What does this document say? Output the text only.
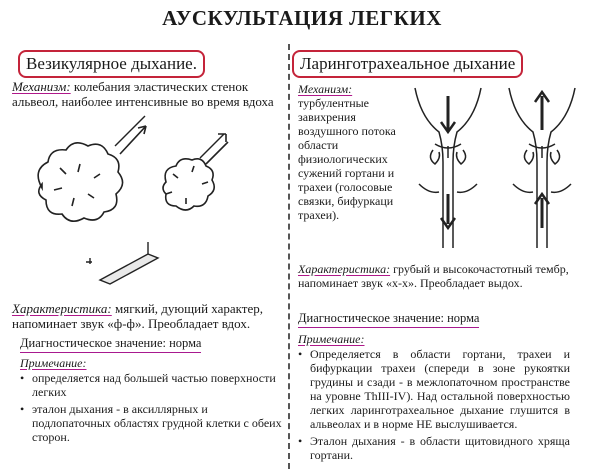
АУСКУЛЬТАЦИЯ ЛЕГКИХ
Везикулярное дыхание.
Механизм: колебания эластических стенок альвеол, наиболее интенсивные во время вдоха
Характеристика: мягкий, дующий характер, напоминает звук «ф-ф». Преобладает вдох.
Диагностическое значение: норма
Примечание:
• определяется над большей частью поверхности легких
• эталон дыхания - в аксиллярных и подлопаточных областях грудной клетки с обеих сторон.
Ларинготрахеальное дыхание
Механизм:
турбулентные
завихрения
воздушного потока
области
физиологических
сужений гортани и
трахеи (голосовые
связки, бифуркаци
трахеи).
Характеристика: грубый и высокочастотный тембр, напоминает звук «х-х». Преобладает выдох.
Диагностическое значение: норма
Примечание:
• Определяется в области гортани, трахеи и бифуркации трахеи (спереди в зоне рукоятки грудины и сзади - в межлопаточном пространстве на уровне ThIII-IV). Над остальной поверхностью легких ларинготрахеальное дыхание глушится в альвеолах и в норме НЕ выслушивается.
• Эталон дыхания - в области щитовидного хряща гортани.
